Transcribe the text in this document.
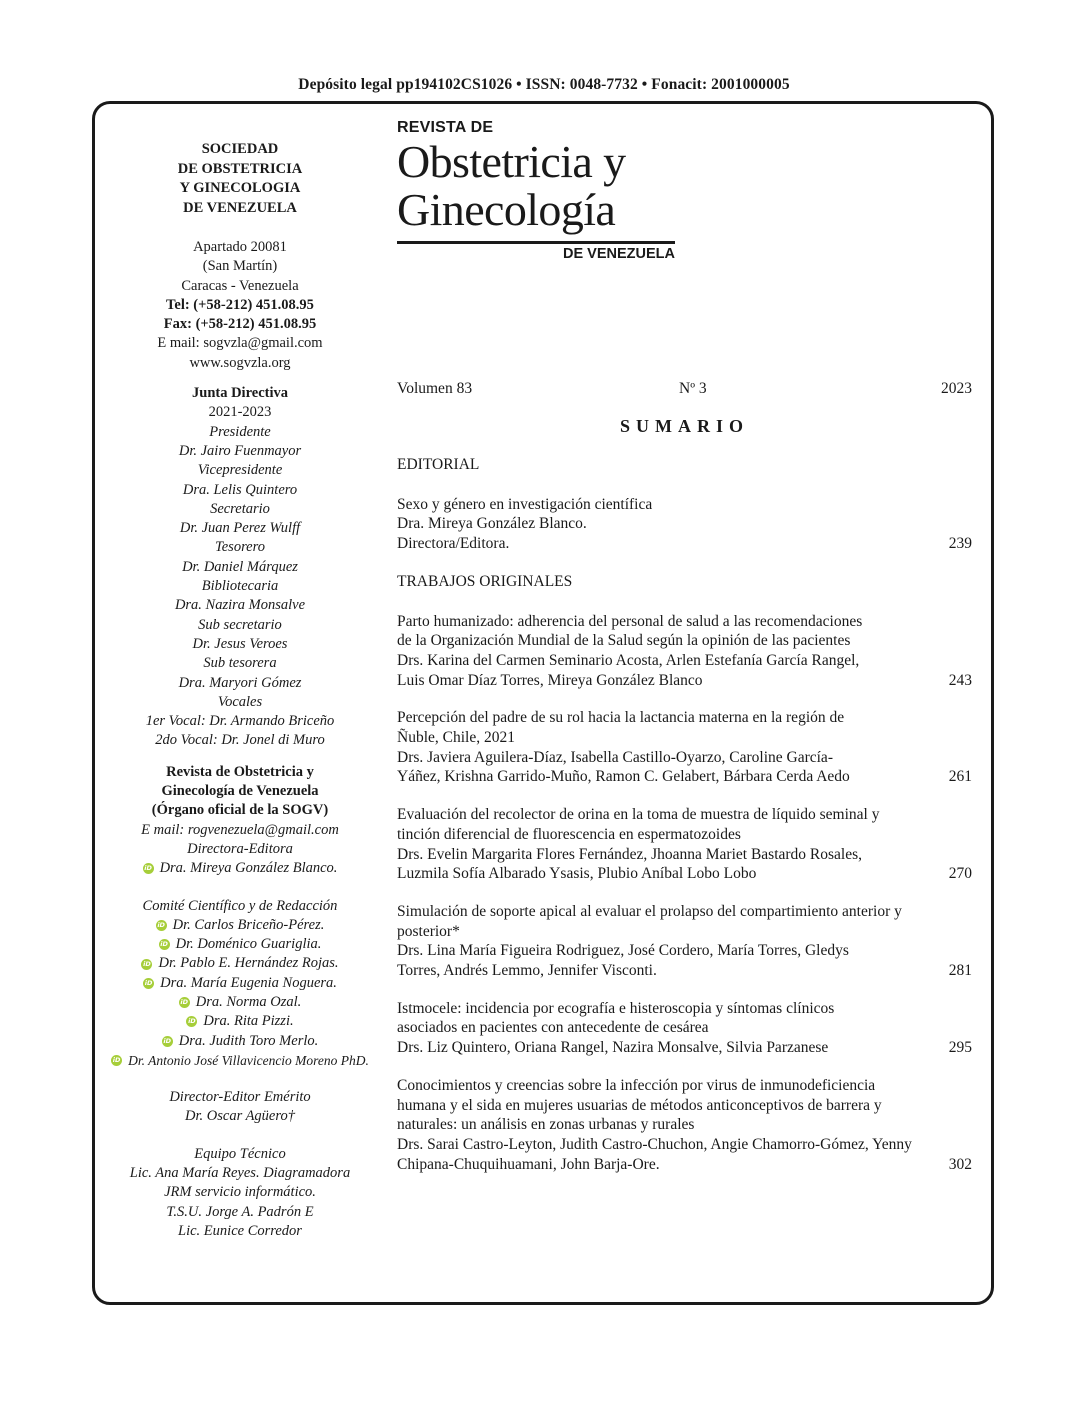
Depósito legal pp194102CS1026 • ISSN: 0048-7732 • Fonacit: 2001000005
REVISTA DE
Obstetricia y
Ginecología
DE VENEZUELA
SOCIEDAD
DE OBSTETRICIA
Y GINECOLOGIA
DE VENEZUELA
Apartado 20081
(San Martín)
Caracas - Venezuela
Tel: (+58-212) 451.08.95
Fax: (+58-212) 451.08.95
E mail: sogvzla@gmail.com
www.sogvzla.org
Junta Directiva
2021-2023
Presidente
Dr. Jairo Fuenmayor
Vicepresidente
Dra. Lelis Quintero
Secretario
Dr. Juan Perez Wulff
Tesorero
Dr. Daniel Márquez
Bibliotecaria
Dra. Nazira Monsalve
Sub secretario
Dr. Jesus Veroes
Sub tesorera
Dra. Maryori Gómez
Vocales
1er Vocal: Dr. Armando Briceño
2do Vocal: Dr. Jonel di Muro
Revista de Obstetricia y
Ginecología de Venezuela
(Órgano oficial de la SOGV)
E mail: rogvenezuela@gmail.com
Directora-Editora
iD Dra. Mireya González Blanco.
Comité Científico y de Redacción
iD Dr. Carlos Briceño-Pérez.
iD Dr. Doménico Guariglia.
iD Dr. Pablo E. Hernández Rojas.
iD Dra. María Eugenia Noguera.
iD Dra. Norma Ozal.
iD Dra. Rita Pizzi.
iD Dra. Judith Toro Merlo.
iD Dr. Antonio José Villavicencio Moreno PhD.
Director-Editor Emérito
Dr. Oscar Agüero†
Equipo Técnico
Lic. Ana María Reyes. Diagramadora
JRM servicio informático.
T.S.U. Jorge A. Padrón E
Lic. Eunice Corredor
Volumen 83	Nº 3	2023
SUMARIO
EDITORIAL
Sexo y género en investigación científica
Dra. Mireya González Blanco.
Directora/Editora.	239
TRABAJOS ORIGINALES
Parto humanizado: adherencia del personal de salud a las recomendaciones de la Organización Mundial de la Salud según la opinión de las pacientes
Drs. Karina del Carmen Seminario Acosta, Arlen Estefanía García Rangel, Luis Omar Díaz Torres, Mireya González Blanco	243
Percepción del padre de su rol hacia la lactancia materna en la región de Ñuble, Chile, 2021
Drs. Javiera Aguilera-Díaz, Isabella Castillo-Oyarzo, Caroline García-Yáñez, Krishna Garrido-Muño, Ramon C. Gelabert, Bárbara Cerda Aedo	261
Evaluación del recolector de orina en la toma de muestra de líquido seminal y tinción diferencial de fluorescencia en espermatozoides
Drs. Evelin Margarita Flores Fernández, Jhoanna Mariet Bastardo Rosales, Luzmila Sofía Albarado Ysasis, Plubio Aníbal Lobo Lobo	270
Simulación de soporte apical al evaluar el prolapso del compartimiento anterior y posterior*
Drs. Lina María Figueira Rodriguez, José Cordero, María Torres, Gledys Torres, Andrés Lemmo, Jennifer Visconti.	281
Istmocele: incidencia por ecografía e histeroscopia y síntomas clínicos asociados en pacientes con antecedente de cesárea
Drs. Liz Quintero, Oriana Rangel, Nazira Monsalve, Silvia Parzanese	295
Conocimientos y creencias sobre la infección por virus de inmunodeficiencia humana y el sida en mujeres usuarias de métodos anticonceptivos de barrera y naturales: un análisis en zonas urbanas y rurales
Drs. Sarai Castro-Leyton, Judith Castro-Chuchon, Angie Chamorro-Gómez, Yenny Chipana-Chuquihuamani, John Barja-Ore.	302
